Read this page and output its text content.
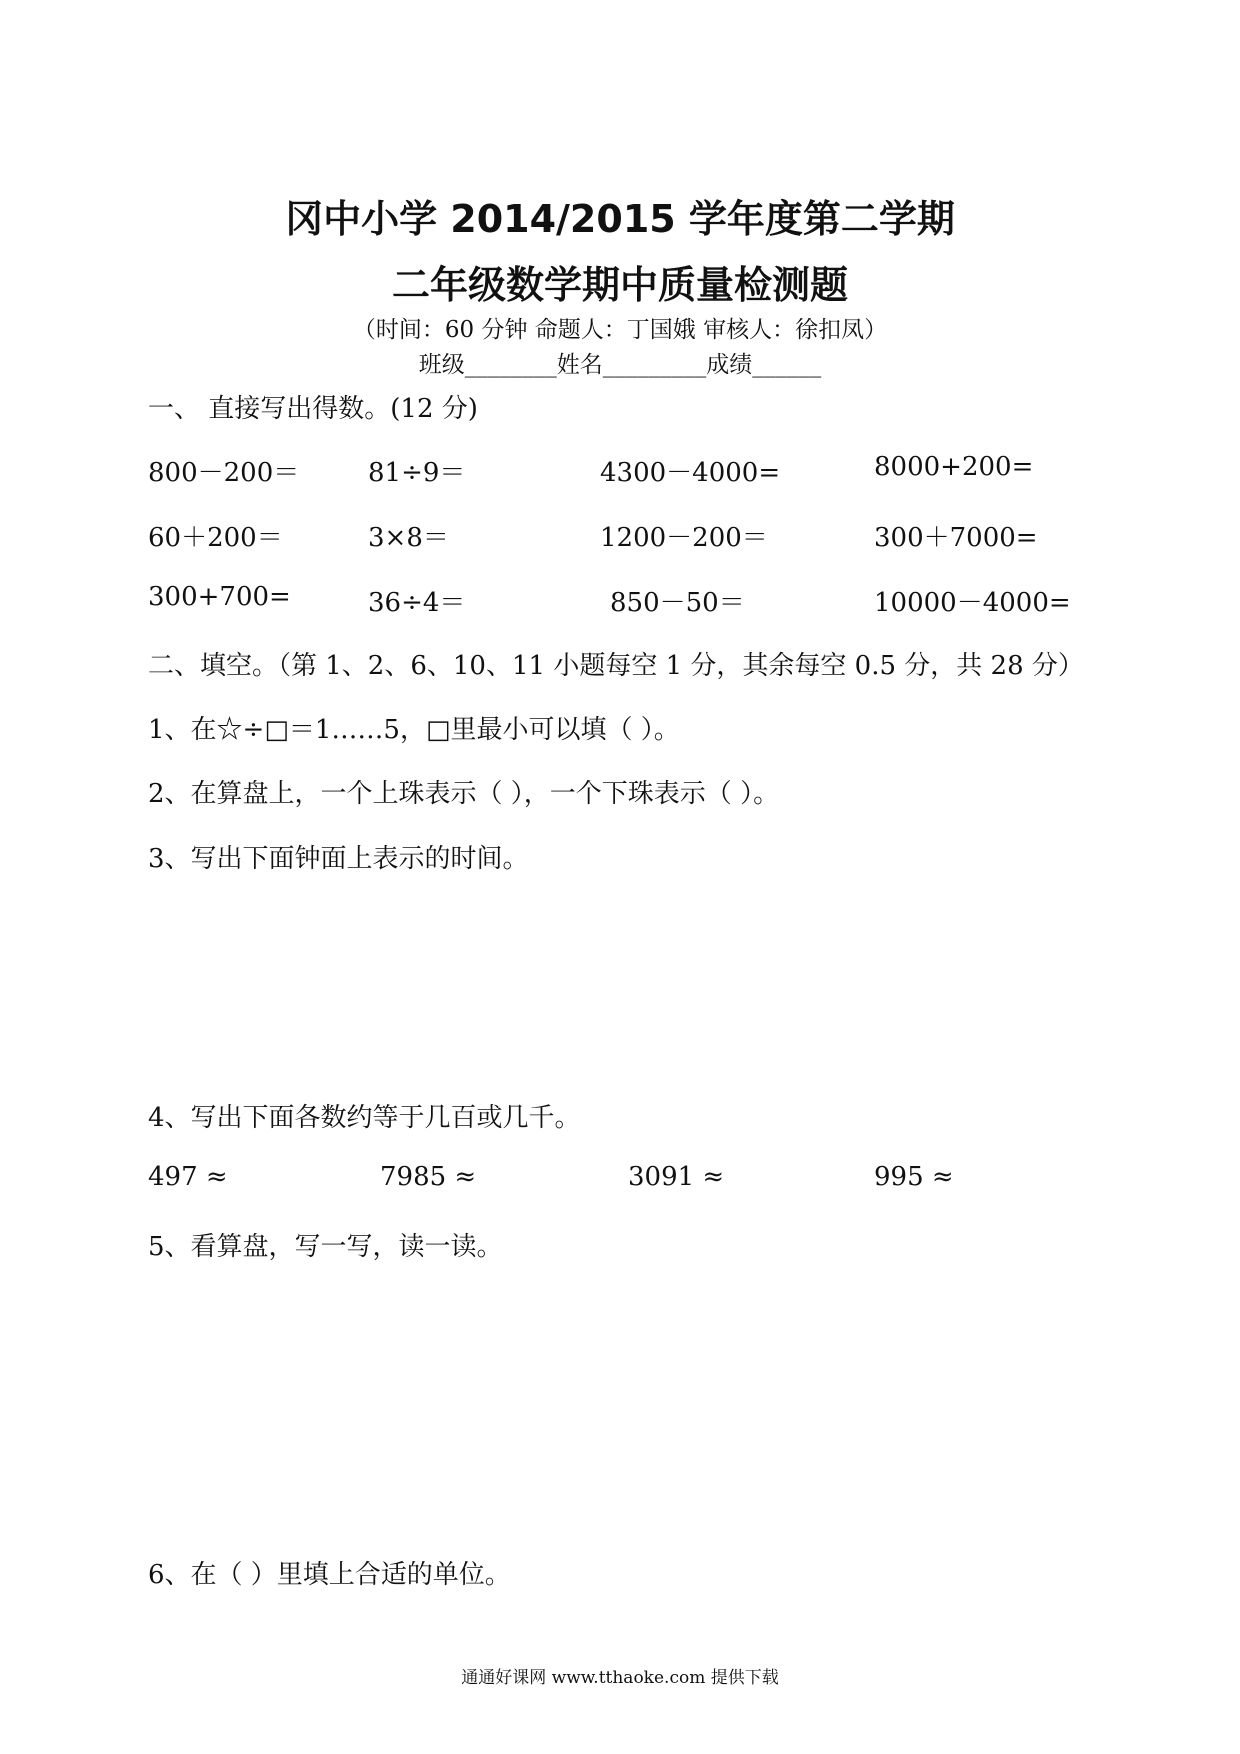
冈中小学 2014/2015 学年度第二学期
二年级数学期中质量检测题
（时间：60 分钟 命题人：丁国娥 审核人：徐扣凤）
班级________姓名_________成绩______
一、 直接写出得数。(12 分)
800－200＝	81÷9＝	4300－4000=	8000+200=
60＋200＝	3×8＝	1200－200＝	300＋7000=
300+700=	36÷4＝	850－50＝	10000－4000=
二、填空。（第 1、2、6、10、11 小题每空 1 分，其余每空 0.5 分，共 28 分）
1、在☆÷□＝1……5，□里最小可以填（ ）。
2、在算盘上，一个上珠表示（ ），一个下珠表示（ ）。
3、写出下面钟面上表示的时间。
4、写出下面各数约等于几百或几千。
497 ≈	7985 ≈	3091 ≈	995 ≈
5、看算盘，写一写，读一读。
6、在（ ）里填上合适的单位。
通通好课网 www.tthaoke.com 提供下载
